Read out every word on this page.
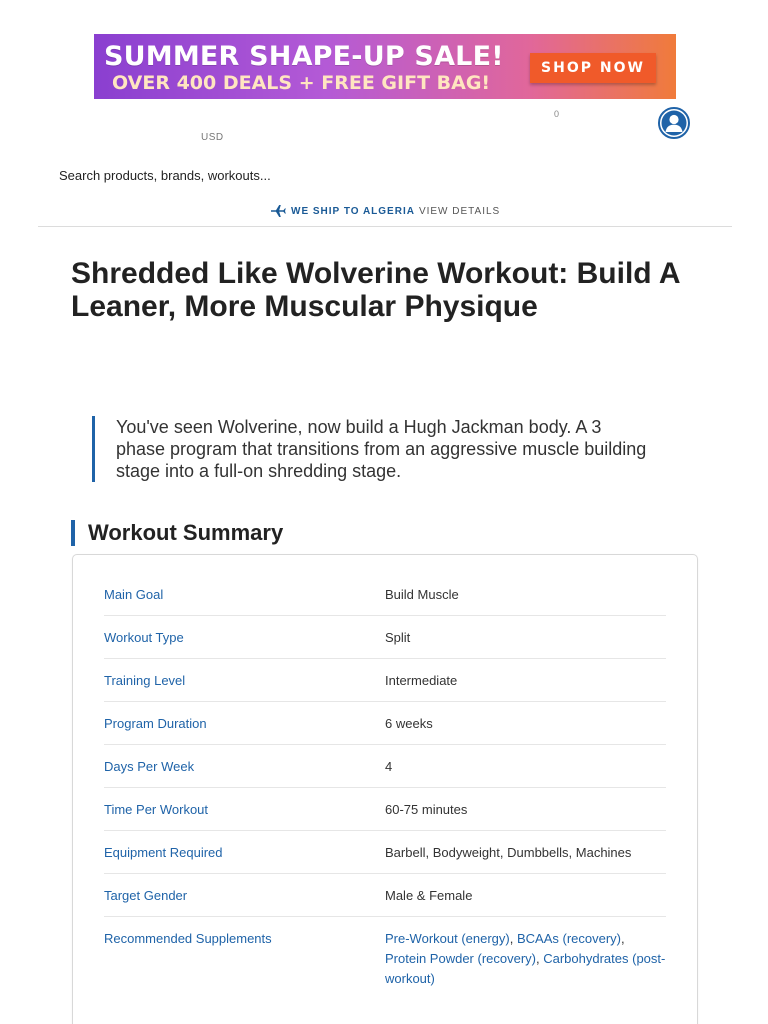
SUMMER SHAPE-UP SALE!
OVER 400 DEALS + FREE GIFT BAG!
SHOP NOW
USD
0
Search products, brands, workouts...
WE SHIP TO ALGERIA VIEW DETAILS
Shredded Like Wolverine Workout: Build A Leaner, More Muscular Physique
You've seen Wolverine, now build a Hugh Jackman body. A 3 phase program that transitions from an aggressive muscle building stage into a full-on shredding stage.
Workout Summary
Main Goal	Build Muscle
Workout Type	Split
Training Level	Intermediate
Program Duration	6 weeks
Days Per Week	4
Time Per Workout	60-75 minutes
Equipment Required	Barbell, Bodyweight, Dumbbells, Machines
Target Gender	Male & Female
Recommended Supplements	Pre-Workout (energy), BCAAs (recovery), Protein Powder (recovery), Carbohydrates (post-workout)
